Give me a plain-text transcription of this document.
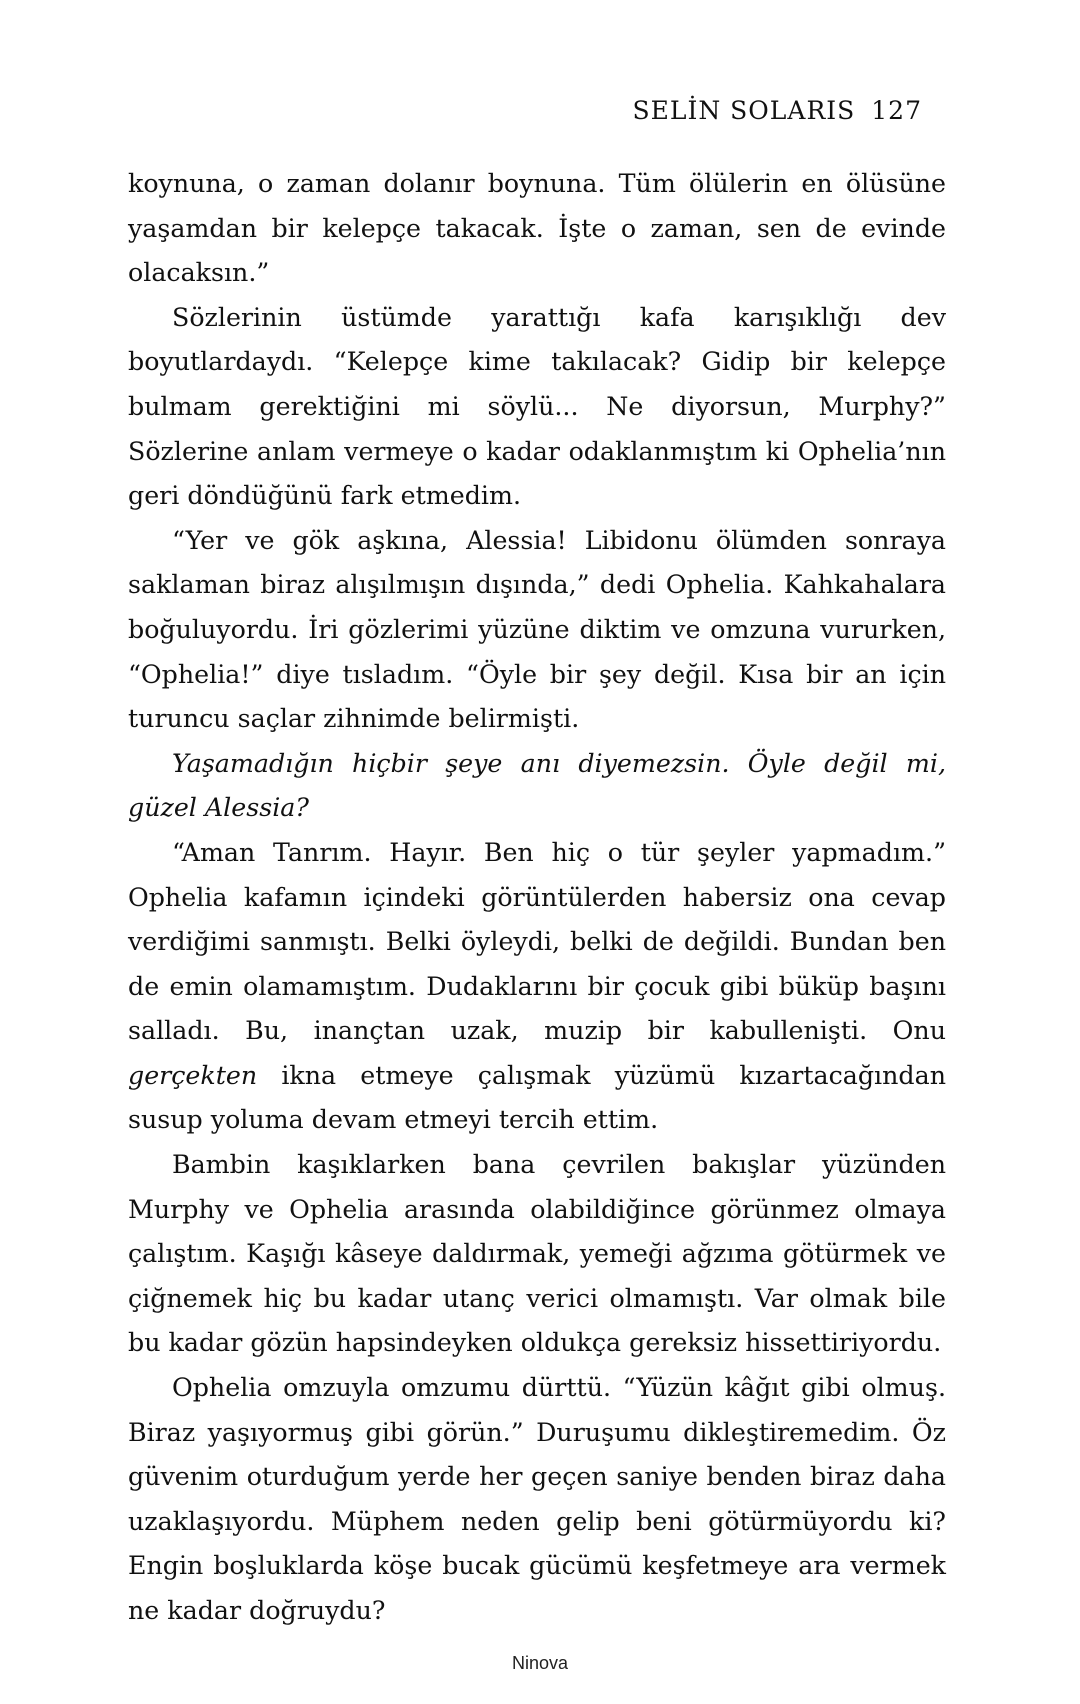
SELİN SOLARIS 127

koynuna, o zaman dolanır boynuna. Tüm ölülerin en ölüsüne yaşamdan bir kelepçe takacak. İşte o zaman, sen de evinde olacaksın.”

Sözlerinin üstümde yarattığı kafa karışıklığı dev boyutlardaydı. “Kelepçe kime takılacak? Gidip bir kelepçe bulmam gerektiğini mi söylü... Ne diyorsun, Murphy?” Sözlerine anlam vermeye o kadar odaklanmıştım ki Ophelia’nın geri döndüğünü fark etmedim.

“Yer ve gök aşkına, Alessia! Libidonu ölümden sonraya saklaman biraz alışılmışın dışında,” dedi Ophelia. Kahkahalara boğuluyordu. İri gözlerimi yüzüne diktim ve omzuna vururken, “Ophelia!” diye tısladım. “Öyle bir şey değil. Kısa bir an için turuncu saçlar zihnimde belirmişti.

Yaşamadığın hiçbir şeye anı diyemezsin. Öyle değil mi, güzel Alessia?

“Aman Tanrım. Hayır. Ben hiç o tür şeyler yapmadım.” Ophelia kafamın içindeki görüntülerden habersiz ona cevap verdiğimi sanmıştı. Belki öyleydi, belki de değildi. Bundan ben de emin olamamıştım. Dudaklarını bir çocuk gibi büküp başını salladı. Bu, inançtan uzak, muzip bir kabullenişti. Onu gerçekten ikna etmeye çalışmak yüzümü kızartacağından susup yoluma devam etmeyi tercih ettim.

Bambin kaşıklarken bana çevrilen bakışlar yüzünden Murphy ve Ophelia arasında olabildiğince görünmez olmaya çalıştım. Kaşığı kâseye daldırmak, yemeği ağzıma götürmek ve çiğnemek hiç bu kadar utanç verici olmamıştı. Var olmak bile bu kadar gözün hapsindeyken oldukça gereksiz hissettiriyordu.

Ophelia omzuyla omzumu dürttü. “Yüzün kâğıt gibi olmuş. Biraz yaşıyormuş gibi görün.” Duruşumu dikleştiremedim. Öz güvenim oturduğum yerde her geçen saniye benden biraz daha uzaklaşıyordu. Müphem neden gelip beni götürmüyordu ki? Engin boşluklarda köşe bucak gücümü keşfetmeye ara vermek ne kadar doğruydu?

Ninova
